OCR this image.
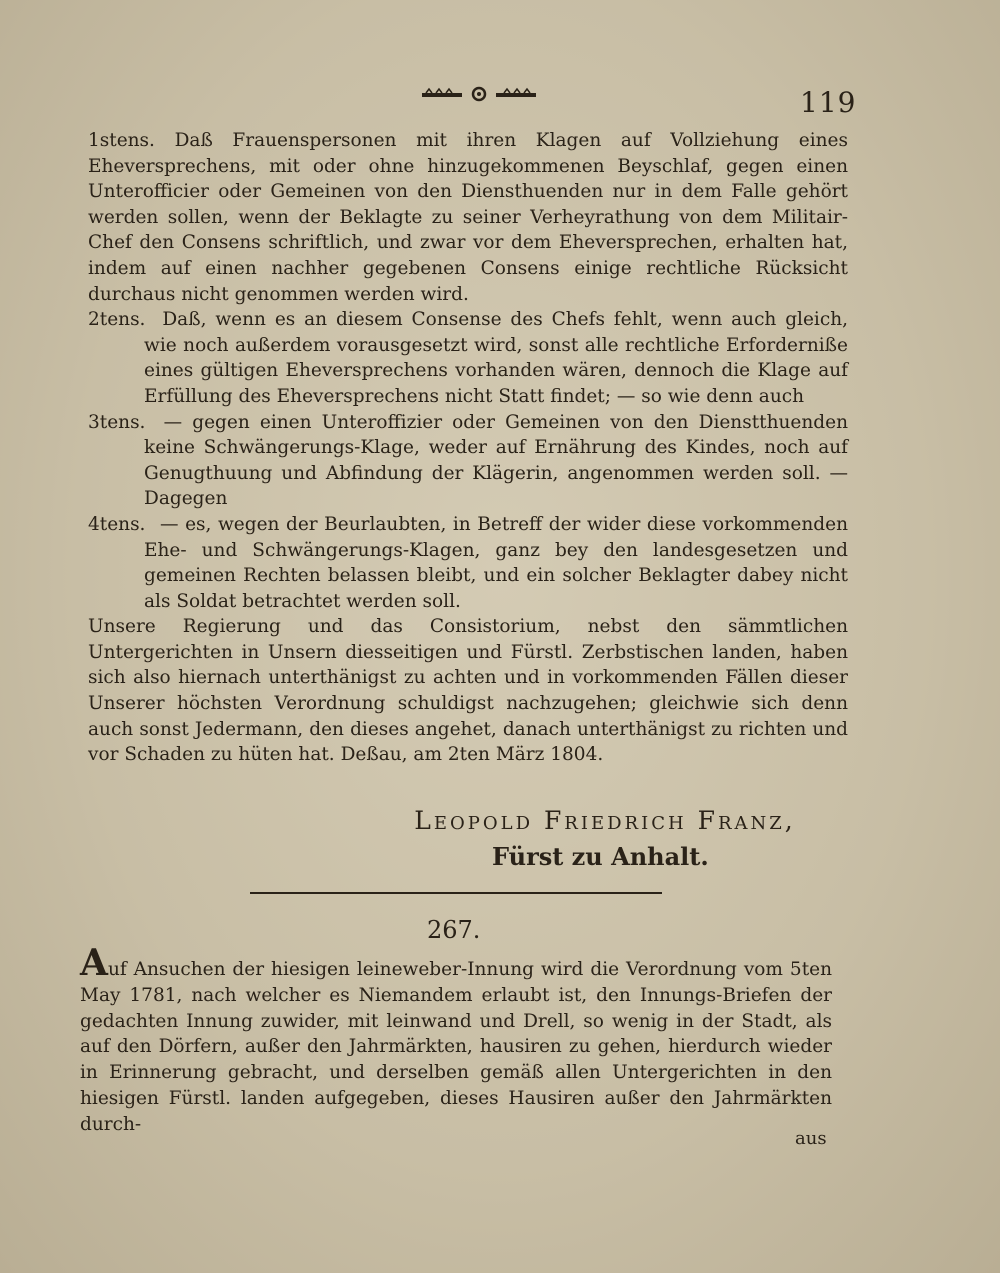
119

1stens. Daß Frauenspersonen mit ihren Klagen auf Vollziehung eines Eheversprechens, mit oder ohne hinzugekommenen Beyschlaf, gegen einen Unterofficier oder Gemeinen von den Diensthuenden nur in dem Falle gehört werden sollen, wenn der Beklagte zu seiner Verheyrathung von dem Militair-Chef den Consens schriftlich, und zwar vor dem Eheversprechen, erhalten hat, indem auf einen nachher gegebenen Consens einige rechtliche Rücksicht durchaus nicht genommen werden wird.

2tens. Daß, wenn es an diesem Consense des Chefs fehlt, wenn auch gleich, wie noch außerdem vorausgesetzt wird, sonst alle rechtliche Erforderniße eines gültigen Eheversprechens vorhanden wären, dennoch die Klage auf Erfüllung des Eheversprechens nicht Statt findet; — so wie denn auch

3tens. — gegen einen Unteroffizier oder Gemeinen von den Dienstthuenden keine Schwängerungs-Klage, weder auf Ernährung des Kindes, noch auf Genugthuung und Abfindung der Klägerin, angenommen werden soll. — Dagegen

4tens. — es, wegen der Beurlaubten, in Betreff der wider diese vorkommenden Ehe- und Schwängerungs-Klagen, ganz bey den landesgesetzen und gemeinen Rechten belassen bleibt, und ein solcher Beklagter dabey nicht als Soldat betrachtet werden soll.

Unsere Regierung und das Consistorium, nebst den sämmtlichen Untergerichten in Unsern diesseitigen und Fürstl. Zerbstischen landen, haben sich also hiernach unterthänigst zu achten und in vorkommenden Fällen dieser Unserer höchsten Verordnung schuldigst nachzugehen; gleichwie sich denn auch sonst Jedermann, den dieses angehet, danach unterthänigst zu richten und vor Schaden zu hüten hat. Deßau, am 2ten März 1804.

Leopold Friedrich Franz,
Fürst zu Anhalt.
267.
Auf Ansuchen der hiesigen leineweber-Innung wird die Verordnung vom 5ten May 1781, nach welcher es Niemandem erlaubt ist, den Innungs-Briefen der gedachten Innung zuwider, mit leinwand und Drell, so wenig in der Stadt, als auf den Dörfern, außer den Jahrmärkten, hausiren zu gehen, hierdurch wieder in Erinnerung gebracht, und derselben gemäß allen Untergerichten in den hiesigen Fürstl. landen aufgegeben, dieses Hausiren außer den Jahrmärkten durch-
aus
